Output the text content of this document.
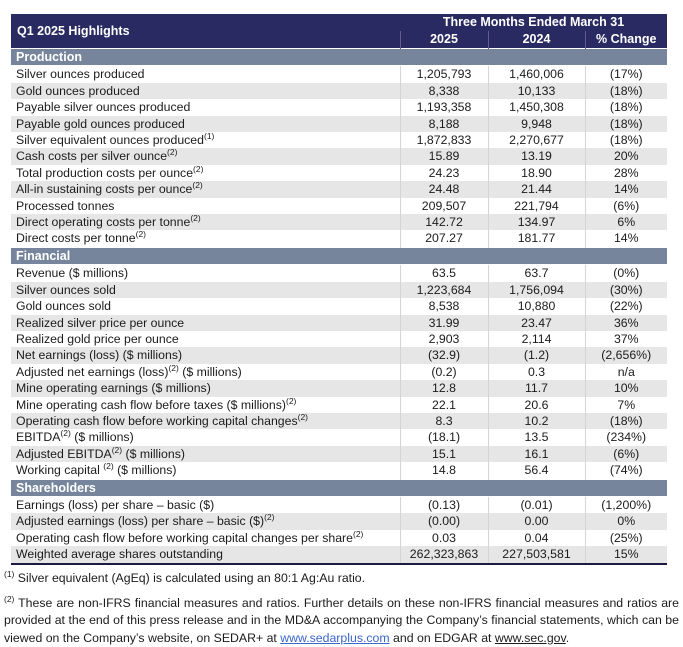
Q1 2025 Highlights	Three Months Ended March 31		
	2025	2024	% Change
Production			
Silver ounces produced	1,205,793	1,460,006	(17%)
Gold ounces produced	8,338	10,133	(18%)
Payable silver ounces produced	1,193,358	1,450,308	(18%)
Payable gold ounces produced	8,188	9,948	(18%)
Silver equivalent ounces produced$^{(1)}$	1,872,833	2,270,677	(18%)
Cash costs per silver ounce$^{(2)}$	15.89	13.19	20%
Total production costs per ounce$^{(2)}$	24.23	18.90	28%
All-in sustaining costs per ounce$^{(2)}$	24.48	21.44	14%
Processed tonnes	209,507	221,794	(6%)
Direct operating costs per tonne$^{(2)}$	142.72	134.97	6%
Direct costs per tonne$^{(2)}$	207.27	181.77	14%
Financial			
Revenue ($ millions)	63.5	63.7	(0%)
Silver ounces sold	1,223,684	1,756,094	(30%)
Gold ounces sold	8,538	10,880	(22%)
Realized silver price per ounce	31.99	23.47	36%
Realized gold price per ounce	2,903	2,114	37%
Net earnings (loss) ($ millions)	(32.9)	(1.2)	(2,656%)
Adjusted net earnings (loss)$^{(2)}$ ($ millions)	(0.2)	0.3	n/a
Mine operating earnings ($ millions)	12.8	11.7	10%
Mine operating cash flow before taxes ($ millions)$^{(2)}$	22.1	20.6	7%
Operating cash flow before working capital changes$^{(2)}$	8.3	10.2	(18%)
EBITDA$^{(2)}$ ($ millions)	(18.1)	13.5	(234%)
Adjusted EBITDA$^{(2)}$ ($ millions)	15.1	16.1	(6%)
Working capital $^{(2)}$ ($ millions)	14.8	56.4	(74%)
Shareholders			
Earnings (loss) per share – basic ($)	(0.13)	(0.01)	(1,200%)
Adjusted earnings (loss) per share – basic ($)$^{(2)}$	(0.00)	0.00	0%
Operating cash flow before working capital changes per share$^{(2)}$	0.03	0.04	(25%)
Weighted average shares outstanding	262,323,863	227,503,581	15%

$^{(1)}$ Silver equivalent (AgEq) is calculated using an 80:1 Ag:Au ratio.

$^{(2)}$ These are non-IFRS financial measures and ratios. Further details on these non-IFRS financial measures and ratios are provided at the end of this press release and in the MD&A accompanying the Company’s financial statements, which can be viewed on the Company’s website, on SEDAR+ at www.sedarplus.com and on EDGAR at www.sec.gov.
